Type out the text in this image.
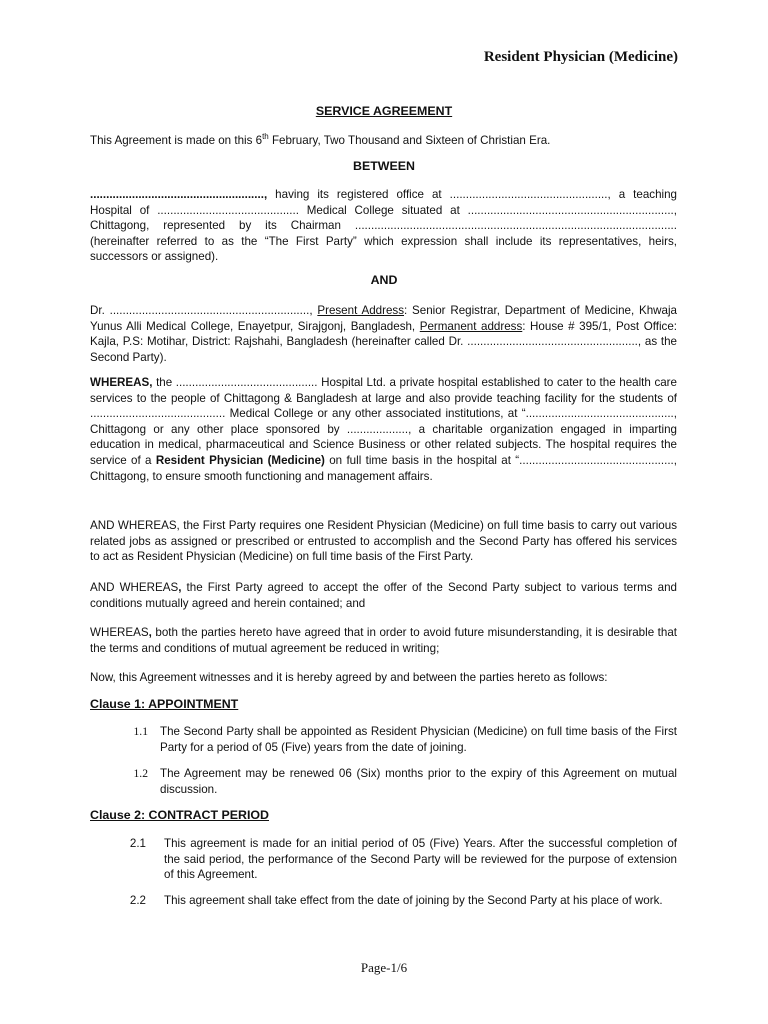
Resident Physician (Medicine)
SERVICE AGREEMENT

This Agreement is made on this 6th February, Two Thousand and Sixteen of Christian Era.

BETWEEN

......................................................, having its registered office at ................................................., a teaching Hospital of ............................................ Medical College situated at ................................................................, Chittagong, represented by its Chairman .................................................................................................... (hereinafter referred to as the “The First Party” which expression shall include its representatives, heirs, successors or assigned).

AND

Dr. .............................................................., Present Address: Senior Registrar, Department of Medicine, Khwaja Yunus Alli Medical College, Enayetpur, Sirajgonj, Bangladesh, Permanent address: House # 395/1, Post Office: Kajla, P.S: Motihar, District: Rajshahi, Bangladesh (hereinafter called Dr. ....................................................., as the Second Party).

WHEREAS, the ............................................ Hospital Ltd. a private hospital established to cater to the health care services to the people of Chittagong & Bangladesh at large and also provide teaching facility for the students of .......................................... Medical College or any other associated institutions, at “.............................................., Chittagong or any other place sponsored by ..................., a charitable organization engaged in imparting education in medical, pharmaceutical and Science Business or other related subjects. The hospital requires the service of a Resident Physician (Medicine) on full time basis in the hospital at “................................................, Chittagong, to ensure smooth functioning and management affairs.

AND WHEREAS, the First Party requires one Resident Physician (Medicine) on full time basis to carry out various related jobs as assigned or prescribed or entrusted to accomplish and the Second Party has offered his services to act as Resident Physician (Medicine) on full time basis of the First Party.

AND WHEREAS, the First Party agreed to accept the offer of the Second Party subject to various terms and conditions mutually agreed and herein contained; and

WHEREAS, both the parties hereto have agreed that in order to avoid future misunderstanding, it is desirable that the terms and conditions of mutual agreement be reduced in writing;

Now, this Agreement witnesses and it is hereby agreed by and between the parties hereto as follows:

Clause 1: APPOINTMENT
1.1 The Second Party shall be appointed as Resident Physician (Medicine) on full time basis of the First Party for a period of 05 (Five) years from the date of joining.
1.2 The Agreement may be renewed 06 (Six) months prior to the expiry of this Agreement on mutual discussion.
Clause 2: CONTRACT PERIOD
2.1 This agreement is made for an initial period of 05 (Five) Years. After the successful completion of the said period, the performance of the Second Party will be reviewed for the purpose of extension of this Agreement.
2.2 This agreement shall take effect from the date of joining by the Second Party at his place of work.
Page-1/6
